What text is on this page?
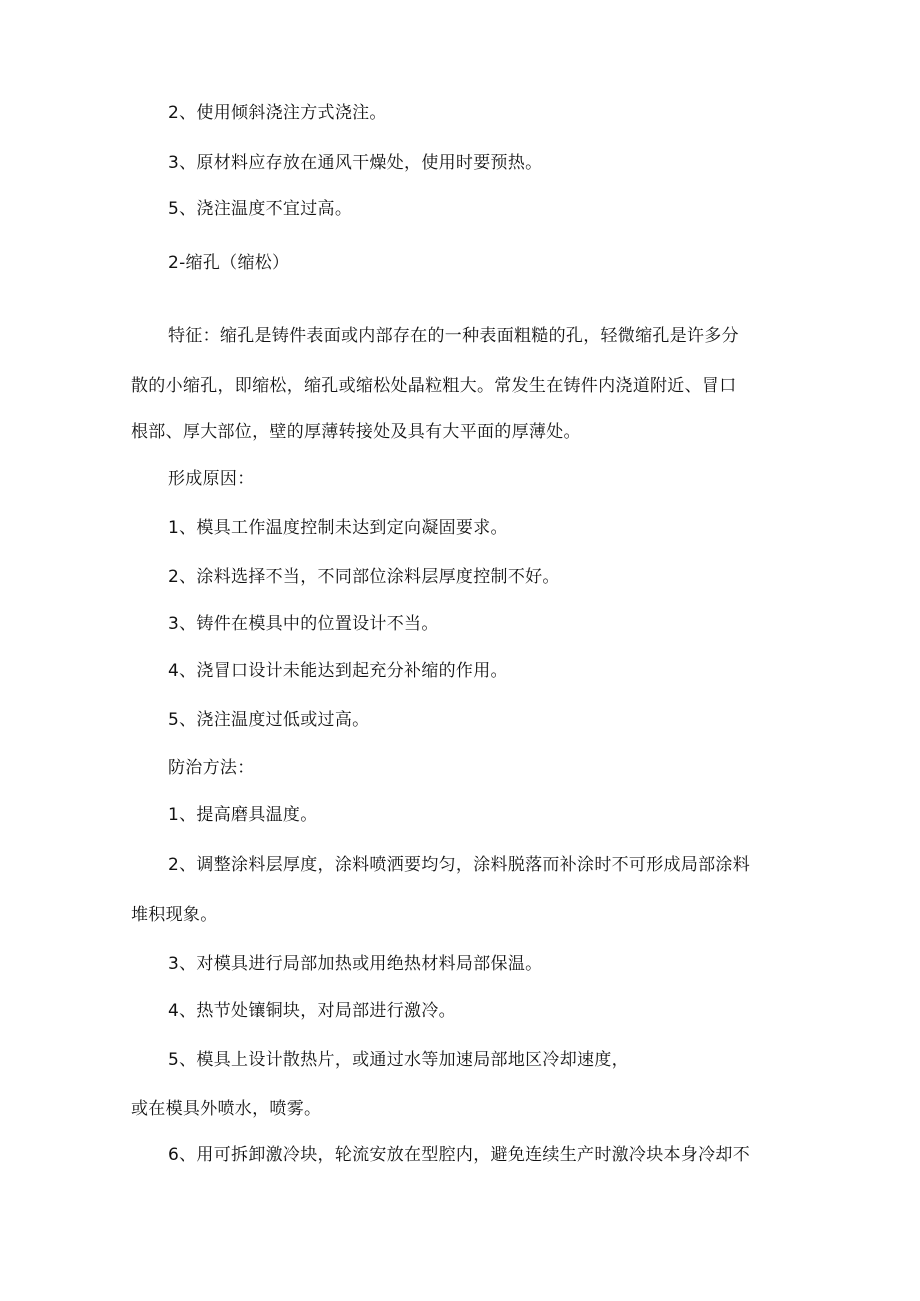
2、使用倾斜浇注方式浇注。
3、原材料应存放在通风干燥处，使用时要预热。
5、浇注温度不宜过高。
2-缩孔（缩松）
特征：缩孔是铸件表面或内部存在的一种表面粗糙的孔，轻微缩孔是许多分
散的小缩孔，即缩松，缩孔或缩松处晶粒粗大。常发生在铸件内浇道附近、冒口
根部、厚大部位，壁的厚薄转接处及具有大平面的厚薄处。
形成原因：
1、模具工作温度控制未达到定向凝固要求。
2、涂料选择不当，不同部位涂料层厚度控制不好。
3、铸件在模具中的位置设计不当。
4、浇冒口设计未能达到起充分补缩的作用。
5、浇注温度过低或过高。
防治方法：
1、提高磨具温度。
2、调整涂料层厚度，涂料喷洒要均匀，涂料脱落而补涂时不可形成局部涂料
堆积现象。
3、对模具进行局部加热或用绝热材料局部保温。
4、热节处镶铜块，对局部进行激冷。
5、模具上设计散热片，或通过水等加速局部地区冷却速度，
或在模具外喷水，喷雾。
6、用可拆卸激冷块，轮流安放在型腔内，避免连续生产时激冷块本身冷却不
